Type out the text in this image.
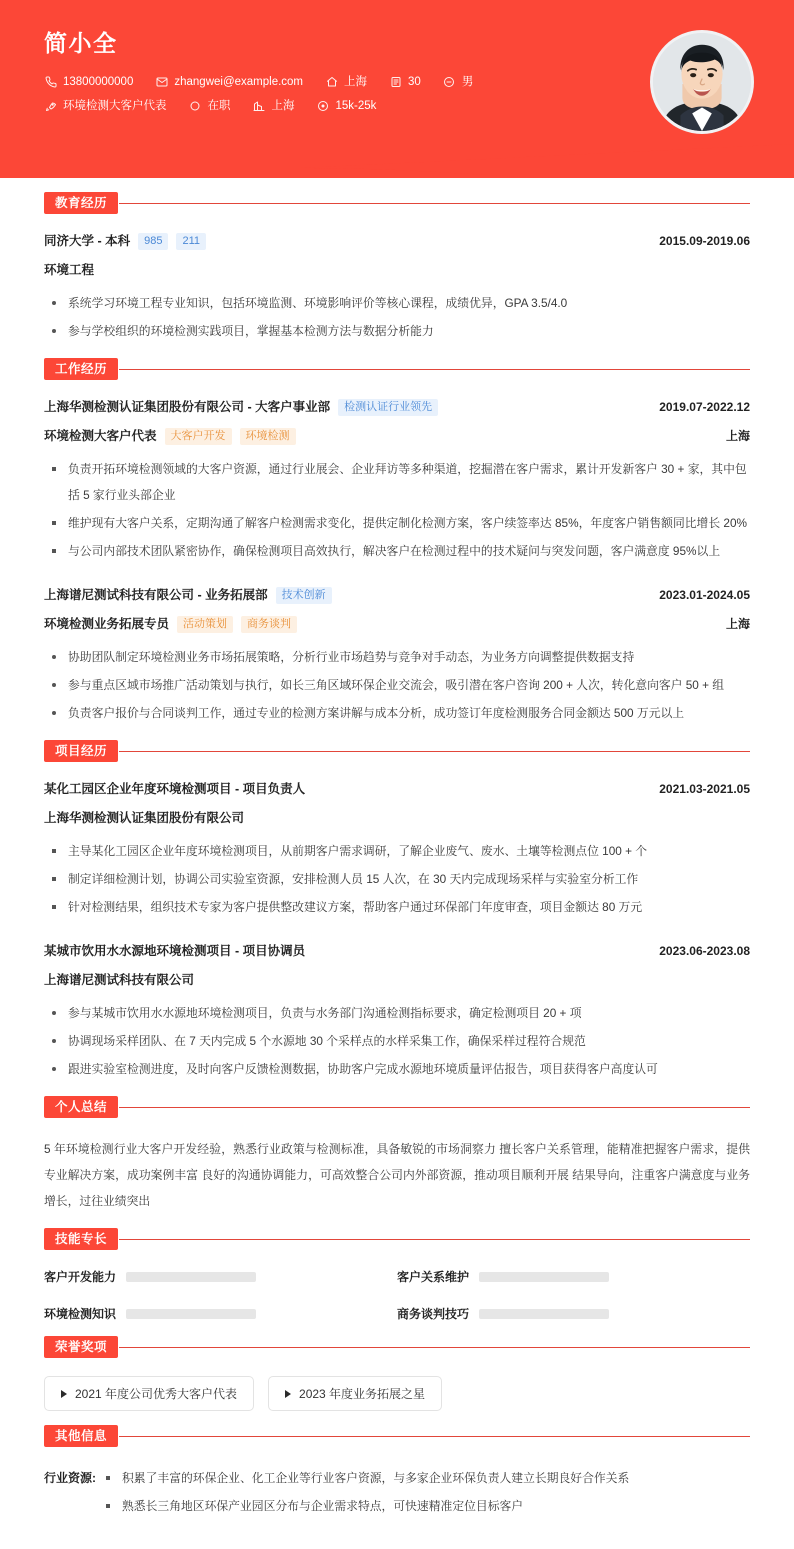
简小全
13800000000	zhangwei@example.com	上海	30	男
环境检测大客户代表	在职	上海	15k-25k
教育经历
同济大学 - 本科	985	211	2015.09-2019.06
环境工程
系统学习环境工程专业知识，包括环境监测、环境影响评价等核心课程，成绩优异，GPA 3.5/4.0
参与学校组织的环境检测实践项目，掌握基本检测方法与数据分析能力
工作经历
上海华测检测认证集团股份有限公司 - 大客户事业部	检测认证行业领先	2019.07-2022.12
环境检测大客户代表	大客户开发	环境检测	上海
负责开拓环境检测领域的大客户资源，通过行业展会、企业拜访等多种渠道，挖掘潜在客户需求，累计开发新客户 30 + 家，其中包括 5 家行业头部企业
维护现有大客户关系，定期沟通了解客户检测需求变化，提供定制化检测方案，客户续签率达 85%，年度客户销售额同比增长 20%
与公司内部技术团队紧密协作，确保检测项目高效执行，解决客户在检测过程中的技术疑问与突发问题，客户满意度 95%以上
上海谱尼测试科技有限公司 - 业务拓展部	技术创新	2023.01-2024.05
环境检测业务拓展专员	活动策划	商务谈判	上海
协助团队制定环境检测业务市场拓展策略，分析行业市场趋势与竞争对手动态，为业务方向调整提供数据支持
参与重点区域市场推广活动策划与执行，如长三角区域环保企业交流会，吸引潜在客户咨询 200 + 人次，转化意向客户 50 + 组
负责客户报价与合同谈判工作，通过专业的检测方案讲解与成本分析，成功签订年度检测服务合同金额达 500 万元以上
项目经历
某化工园区企业年度环境检测项目 - 项目负责人	2021.03-2021.05
上海华测检测认证集团股份有限公司
主导某化工园区企业年度环境检测项目，从前期客户需求调研，了解企业废气、废水、土壤等检测点位 100 + 个
制定详细检测计划，协调公司实验室资源，安排检测人员 15 人次，在 30 天内完成现场采样与实验室分析工作
针对检测结果，组织技术专家为客户提供整改建议方案，帮助客户通过环保部门年度审查，项目金额达 80 万元
某城市饮用水水源地环境检测项目 - 项目协调员	2023.06-2023.08
上海谱尼测试科技有限公司
参与某城市饮用水水源地环境检测项目，负责与水务部门沟通检测指标要求，确定检测项目 20 + 项
协调现场采样团队、在 7 天内完成 5 个水源地 30 个采样点的水样采集工作，确保采样过程符合规范
跟进实验室检测进度，及时向客户反馈检测数据，协助客户完成水源地环境质量评估报告，项目获得客户高度认可
个人总结
5 年环境检测行业大客户开发经验，熟悉行业政策与检测标准，具备敏锐的市场洞察力 擅长客户关系管理，能精准把握客户需求，提供专业解决方案，成功案例丰富 良好的沟通协调能力，可高效整合公司内外部资源，推动项目顺利开展 结果导向，注重客户满意度与业务增长，过往业绩突出
技能专长
客户开发能力	客户关系维护
环境检测知识	商务谈判技巧
荣誉奖项
2021 年度公司优秀大客户代表	2023 年度业务拓展之星
其他信息
行业资源:	积累了丰富的环保企业、化工企业等行业客户资源，与多家企业环保负责人建立长期良好合作关系
熟悉长三角地区环保产业园区分布与企业需求特点，可快速精准定位目标客户
